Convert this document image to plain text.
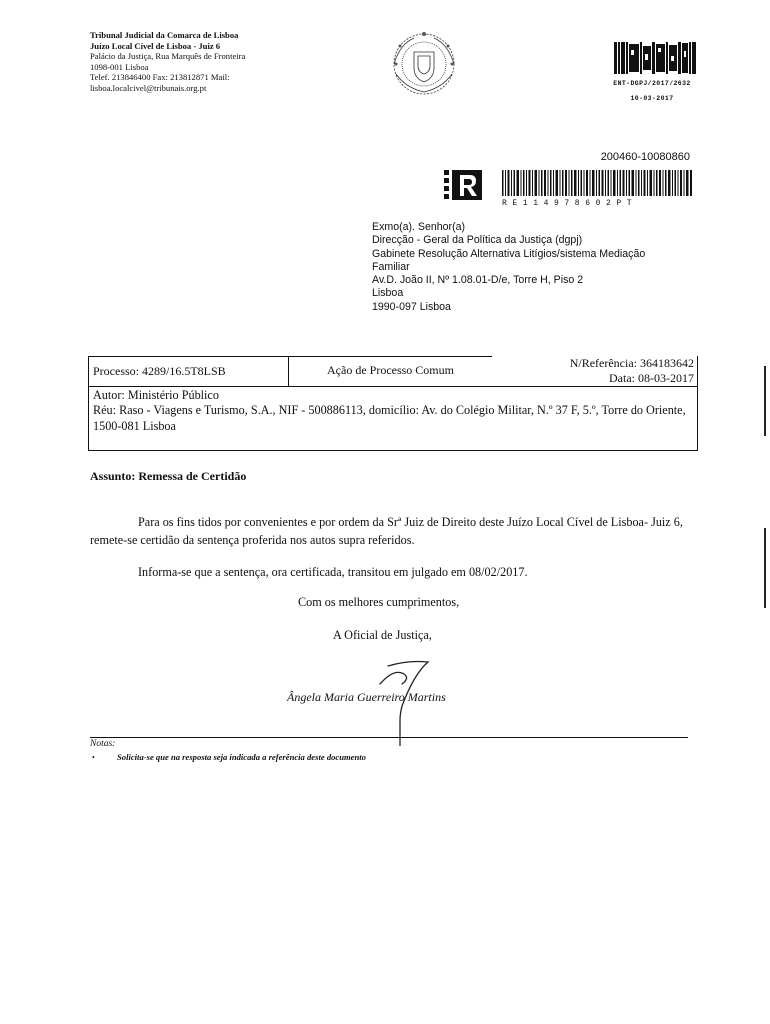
Tribunal Judicial da Comarca de Lisboa
Juízo Local Cível de Lisboa - Juiz 6
Palácio da Justiça, Rua Marquês de Fronteira
1098-001 Lisboa
Telef. 213846400 Fax: 213812871 Mail:
lisboa.localcivel@tribunais.org.pt	ENT-DGPJ/2017/2632
10-03-2017
200460-10080860
RE114978602PT
Exmo(a). Senhor(a)
Direcção - Geral da Política da Justiça (dgpj)
Gabinete Resolução Alternativa Litígios/sistema Mediação
Familiar
Av.D. João II, Nº 1.08.01-D/e, Torre H, Piso 2
Lisboa
1990-097 Lisboa
Processo: 4289/16.5T8LSB	Ação de Processo Comum	N/Referência: 364183642
Data: 08-03-2017
Autor: Ministério Público
Réu: Raso - Viagens e Turismo, S.A., NIF - 500886113, domicílio: Av. do Colégio Militar, N.º 37 F, 5.º, Torre do Oriente, 1500-081 Lisboa
Assunto: Remessa de Certidão
Para os fins tidos por convenientes e por ordem da Srª Juiz de Direito deste Juízo Local Cível de Lisboa- Juiz 6, remete-se certidão da sentença proferida nos autos supra referidos.
Informa-se que a sentença, ora certificada, transitou em julgado em 08/02/2017.
Com os melhores cumprimentos,
A Oficial de Justiça,
Ângela Maria Guerreiro Martins
Notas:
•	Solicita-se que na resposta seja indicada a referência deste documento
